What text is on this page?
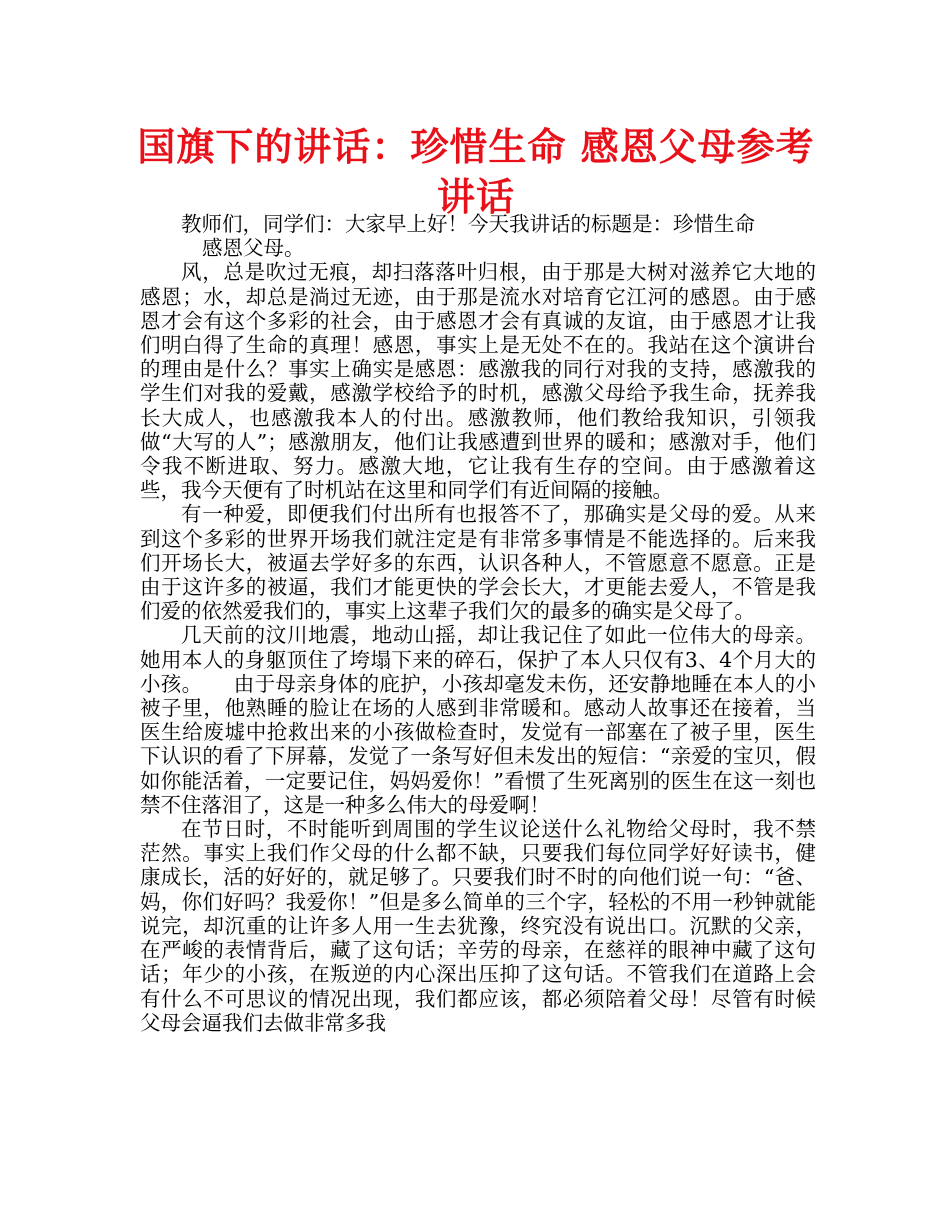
国旗下的讲话：珍惜生命 感恩父母参考讲话

教师们，同学们：大家早上好！今天我讲话的标题是：珍惜生命
感恩父母。

风，总是吹过无痕，却扫落落叶归根，由于那是大树对滋养它大地的感恩；水，却总是淌过无迹，由于那是流水对培育它江河的感恩。由于感恩才会有这个多彩的社会，由于感恩才会有真诚的友谊，由于感恩才让我们明白得了生命的真理！感恩，事实上是无处不在的。我站在这个演讲台的理由是什么？事实上确实是感恩：感激我的同行对我的支持，感激我的学生们对我的爱戴，感激学校给予的时机，感激父母给予我生命，抚养我长大成人，也感激我本人的付出。感激教师，他们教给我知识，引领我做“大写的人”；感激朋友，他们让我感遭到世界的暖和；感激对手，他们令我不断进取、努力。感激大地，它让我有生存的空间。由于感激着这些，我今天便有了时机站在这里和同学们有近间隔的接触。

有一种爱，即便我们付出所有也报答不了，那确实是父母的爱。从来到这个多彩的世界开场我们就注定是有非常多事情是不能选择的。后来我们开场长大，被逼去学好多的东西，认识各种人，不管愿意不愿意。正是由于这许多的被逼，我们才能更快的学会长大，才更能去爱人，不管是我们爱的依然爱我们的，事实上这辈子我们欠的最多的确实是父母了。

几天前的汶川地震，地动山摇，却让我记住了如此一位伟大的母亲。她用本人的身躯顶住了垮塌下来的碎石，保护了本人只仅有3、4个月大的小孩。　　由于母亲身体的庇护，小孩却毫发未伤，还安静地睡在本人的小被子里，他熟睡的脸让在场的人感到非常暖和。感动人故事还在接着，当医生给废墟中抢救出来的小孩做检查时，发觉有一部塞在了被子里，医生下认识的看了下屏幕，发觉了一条写好但未发出的短信：“亲爱的宝贝，假如你能活着，一定要记住，妈妈爱你！”看惯了生死离别的医生在这一刻也禁不住落泪了，这是一种多么伟大的母爱啊！

在节日时，不时能听到周围的学生议论送什么礼物给父母时，我不禁茫然。事实上我们作父母的什么都不缺，只要我们每位同学好好读书，健康成长，活的好好的，就足够了。只要我们时不时的向他们说一句：“爸、妈，你们好吗？我爱你！”但是多么简单的三个字，轻松的不用一秒钟就能说完，却沉重的让许多人用一生去犹豫，终究没有说出口。沉默的父亲，在严峻的表情背后，藏了这句话；辛劳的母亲，在慈祥的眼神中藏了这句话；年少的小孩，在叛逆的内心深出压抑了这句话。不管我们在道路上会有什么不可思议的情况出现，我们都应该，都必须陪着父母！尽管有时候父母会逼我们去做非常多我
